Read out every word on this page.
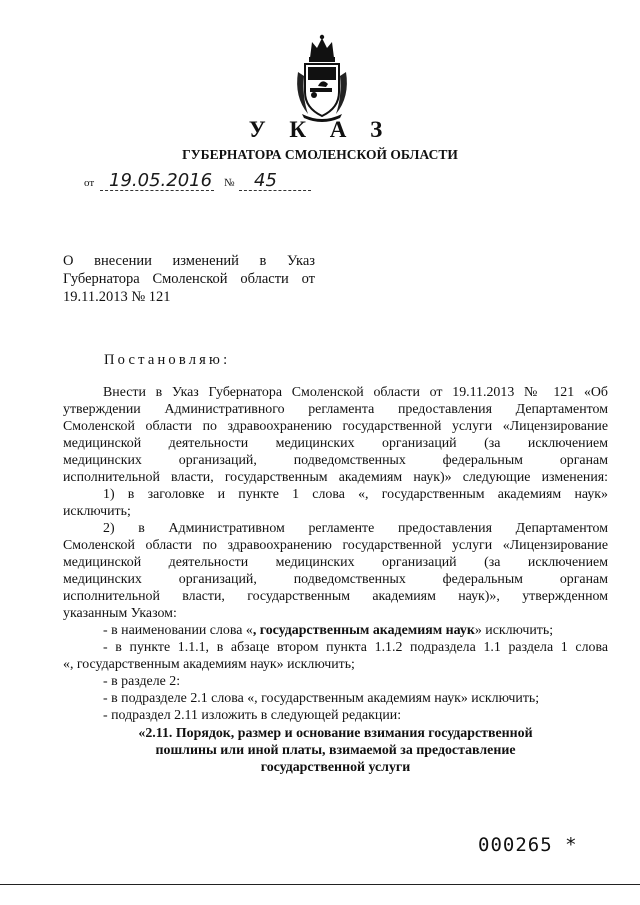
У К А З
ГУБЕРНАТОРА СМОЛЕНСКОЙ ОБЛАСТИ
от 19.05.2016 № 45
О внесении изменений в Указ
Губернатора Смоленской области от
19.11.2013 № 121
Постановляю:

Внести в Указ Губернатора Смоленской области от 19.11.2013 № 121 «Об
утверждении Административного регламента предоставления Департаментом
Смоленской области по здравоохранению государственной услуги «Лицензирование
медицинской деятельности медицинских организаций (за исключением
медицинских организаций, подведомственных федеральным органам
исполнительной власти, государственным академиям наук)» следующие изменения:

1) в заголовке и пункте 1 слова «, государственным академиям наук»
исключить;

2) в Административном регламенте предоставления Департаментом
Смоленской области по здравоохранению государственной услуги «Лицензирование
медицинской деятельности медицинских организаций (за исключением
медицинских организаций, подведомственных федеральным органам
исполнительной власти, государственным академиям наук)», утвержденном
указанным Указом:

- в наименовании слова «, государственным академиям наук» исключить;

- в пункте 1.1.1, в абзаце втором пункта 1.1.2 подраздела 1.1 раздела 1 слова
«, государственным академиям наук» исключить;

- в разделе 2:

- в подразделе 2.1 слова «, государственным академиям наук» исключить;

- подраздел 2.11 изложить в следующей редакции:

«2.11. Порядок, размер и основание взимания государственной
пошлины или иной платы, взимаемой за предоставление
государственной услуги
000265 *
